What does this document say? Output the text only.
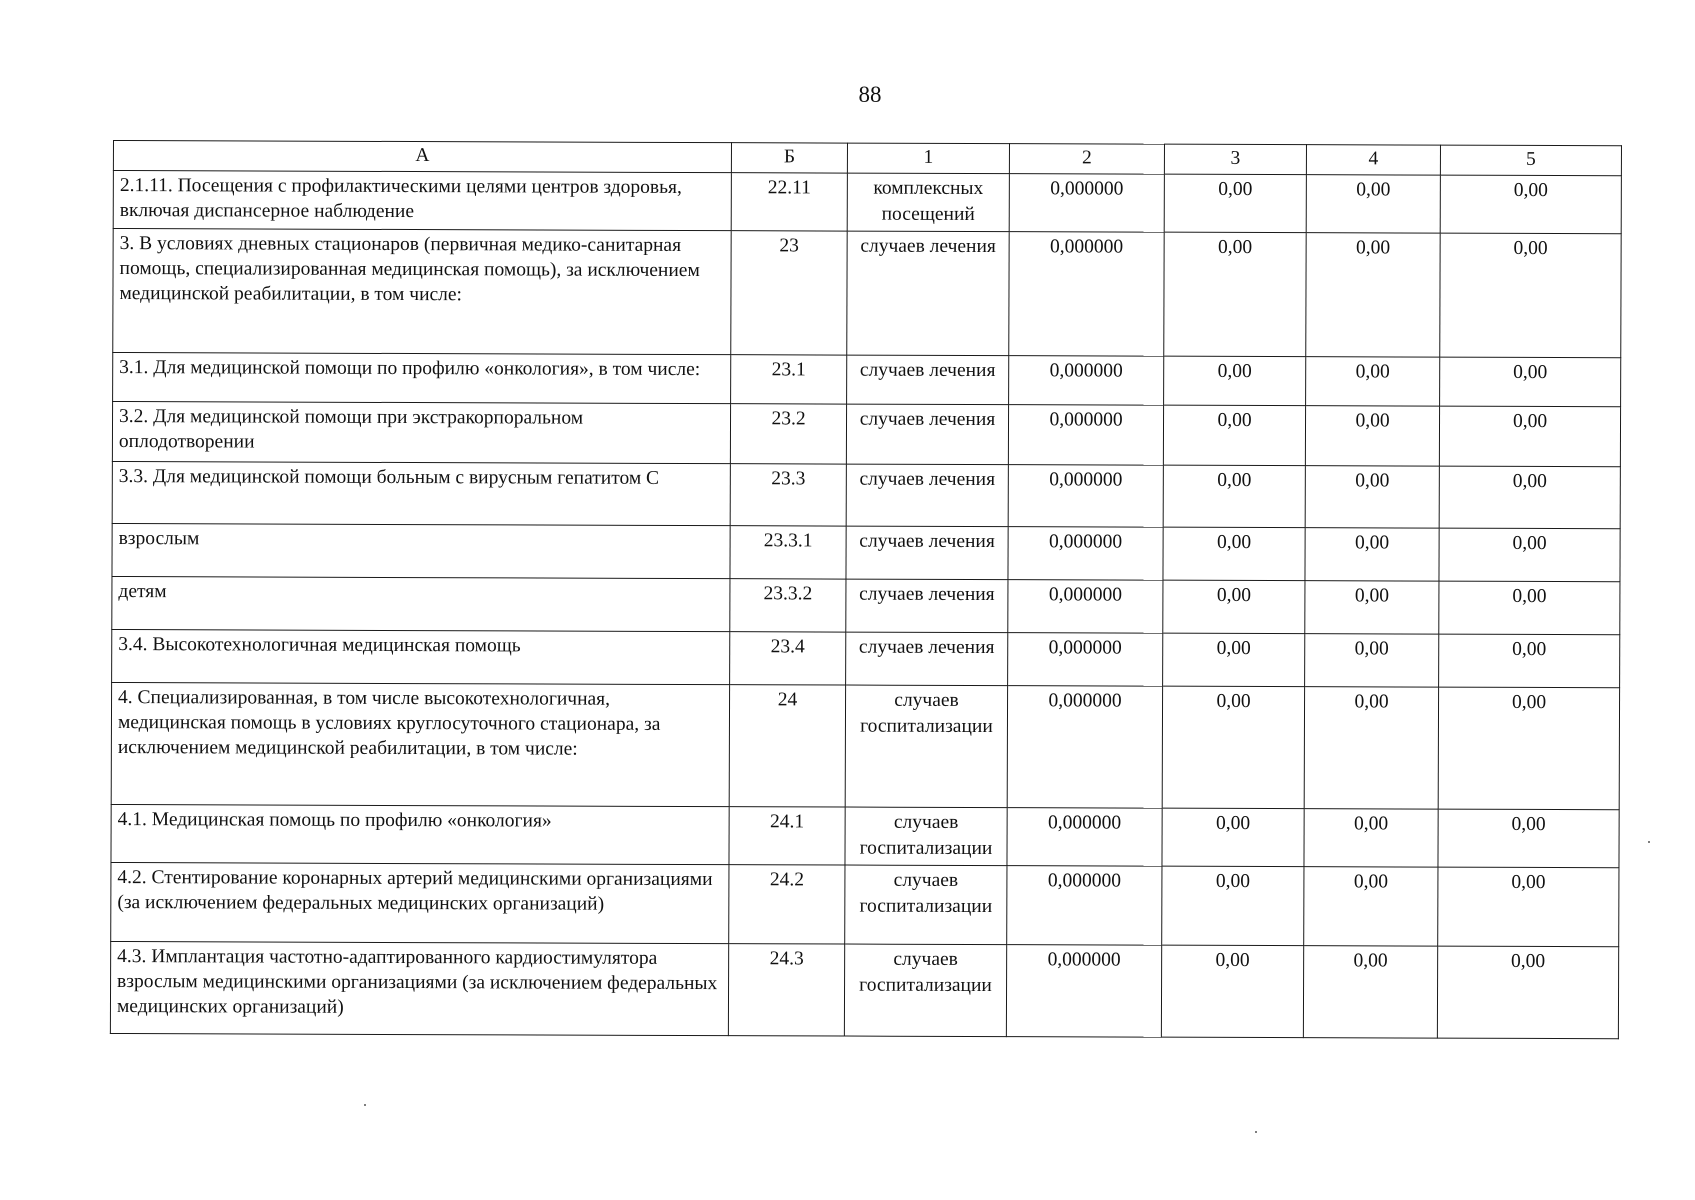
88
А	Б	1	2	3	4	5
2.1.11. Посещения с профилактическими целями центров здоровья, включая диспансерное наблюдение	22.11	комплексных посещений	0,000000	0,00	0,00	0,00
3. В условиях дневных стационаров (первичная медико-санитарная помощь, специализированная медицинская помощь), за исключением медицинской реабилитации, в том числе:	23	случаев лечения	0,000000	0,00	0,00	0,00
3.1. Для медицинской помощи по профилю «онкология», в том числе:	23.1	случаев лечения	0,000000	0,00	0,00	0,00
3.2. Для медицинской помощи при экстракорпоральном оплодотворении	23.2	случаев лечения	0,000000	0,00	0,00	0,00
3.3. Для медицинской помощи больным с вирусным гепатитом С	23.3	случаев лечения	0,000000	0,00	0,00	0,00
взрослым	23.3.1	случаев лечения	0,000000	0,00	0,00	0,00
детям	23.3.2	случаев лечения	0,000000	0,00	0,00	0,00
3.4. Высокотехнологичная медицинская помощь	23.4	случаев лечения	0,000000	0,00	0,00	0,00
4. Специализированная, в том числе высокотехнологичная, медицинская помощь в условиях круглосуточного стационара, за исключением медицинской реабилитации, в том числе:	24	случаев госпитализации	0,000000	0,00	0,00	0,00
4.1. Медицинская помощь по профилю «онкология»	24.1	случаев госпитализации	0,000000	0,00	0,00	0,00
4.2. Стентирование коронарных артерий медицинскими организациями (за исключением федеральных медицинских организаций)	24.2	случаев госпитализации	0,000000	0,00	0,00	0,00
4.3. Имплантация частотно-адаптированного кардиостимулятора взрослым медицинскими организациями (за исключением федеральных медицинских организаций)	24.3	случаев госпитализации	0,000000	0,00	0,00	0,00
